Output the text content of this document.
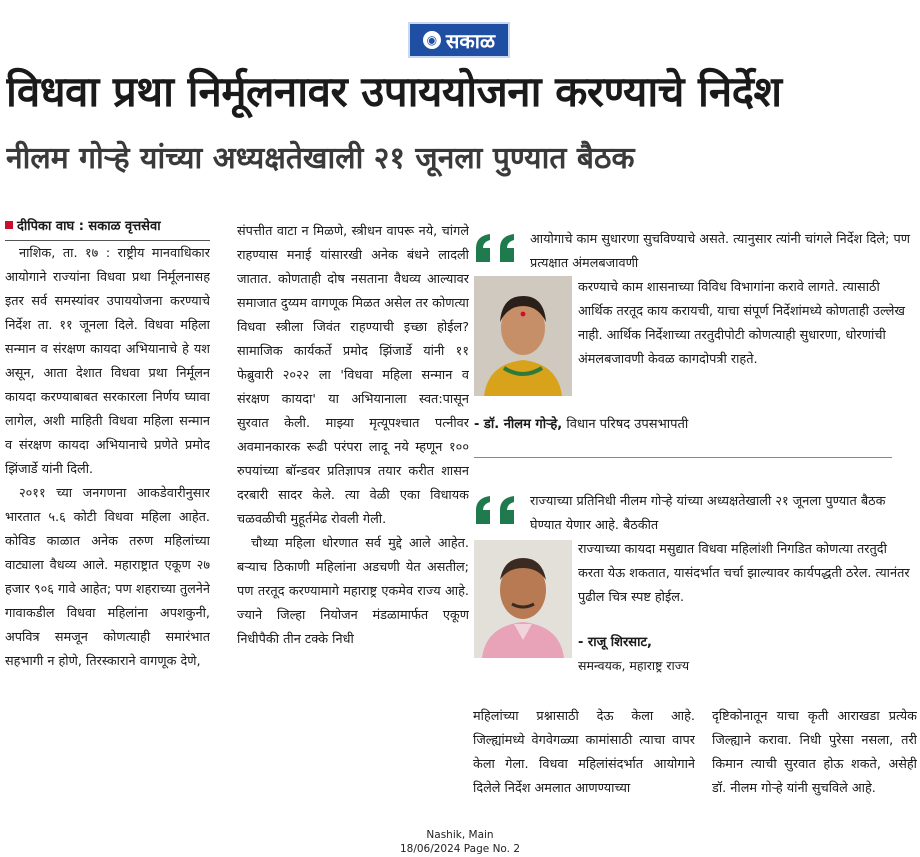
◉ सकाळ
विधवा प्रथा निर्मूलनावर उपाययोजना करण्याचे निर्देश
नीलम गोऱ्हे यांच्या अध्यक्षतेखाली २१ जूनला पुण्यात बैठक
दीपिका वाघ : सकाळ वृत्तसेवा

नाशिक, ता. १७ : राष्ट्रीय मानवाधिकार आयोगाने राज्यांना विधवा प्रथा निर्मूलनासह इतर सर्व समस्यांवर उपाययोजना करण्याचे निर्देश ता. ११ जूनला दिले. विधवा महिला सन्मान व संरक्षण कायदा अभियानाचे हे यश असून, आता देशात विधवा प्रथा निर्मूलन कायदा करण्याबाबत सरकारला निर्णय घ्यावा लागेल, अशी माहिती विधवा महिला सन्मान व संरक्षण कायदा अभियानाचे प्रणेते प्रमोद झिंजार्डे यांनी दिली.

२०११ च्या जनगणना आकडेवारीनुसार भारतात ५.६ कोटी विधवा महिला आहेत. कोविड काळात अनेक तरुण महिलांच्या वाट्याला वैधव्य आले. महाराष्ट्रात एकूण २७ हजार ९०६ गावे आहेत; पण शहराच्या तुलनेने गावाकडील विधवा महिलांना अपशकुनी, अपवित्र समजून कोणत्याही समारंभात सहभागी न होणे, तिरस्काराने वागणूक देणे,

संपत्तीत वाटा न मिळणे, स्त्रीधन वापरू नये, चांगले राहण्यास मनाई यांसारखी अनेक बंधने लादली जातात. कोणताही दोष नसताना वैधव्य आल्यावर समाजात दुय्यम वागणूक मिळत असेल तर कोणत्या विधवा स्त्रीला जिवंत राहण्याची इच्छा होईल? सामाजिक कार्यकर्ते प्रमोद झिंजार्डे यांनी ११ फेब्रुवारी २०२२ ला 'विधवा महिला सन्मान व संरक्षण कायदा' या अभियानाला स्वत:पासून सुरवात केली. माझ्या मृत्यूपश्चात पत्नीवर अवमानकारक रूढी परंपरा लादू नये म्हणून १०० रुपयांच्या बॉन्डवर प्रतिज्ञापत्र तयार करीत शासन दरबारी सादर केले. त्या वेळी एका विधायक चळवळीची मुहूर्तमेढ रोवली गेली.

चौथ्या महिला धोरणात सर्व मुद्दे आले आहेत. बऱ्याच ठिकाणी महिलांना अडचणी येत असतील; पण तरतूद करण्यामागे महाराष्ट्र एकमेव राज्य आहे. ज्याने जिल्हा नियोजन मंडळामार्फत एकूण निधीपैकी तीन टक्के निधी

आयोगाचे काम सुधारणा सुचविण्याचे असते. त्यानुसार त्यांनी चांगले निर्देश दिले; पण प्रत्यक्षात अंमलबजावणी

करण्याचे काम शासनाच्या विविध विभागांना करावे लागते. त्यासाठी आर्थिक तरतूद काय करायची, याचा संपूर्ण निर्देशांमध्ये कोणताही उल्लेख नाही. आर्थिक निर्देशाच्या तरतुदीपोटी कोणत्याही सुधारणा, धोरणांची अंमलबजावणी केवळ कागदोपत्री राहते.

- डॉ. नीलम गोऱ्हे, विधान परिषद उपसभापती

राज्याच्या प्रतिनिधी नीलम गोऱ्हे यांच्या अध्यक्षतेखाली २१ जूनला पुण्यात बैठक घेण्यात येणार आहे. बैठकीत

राज्याच्या कायदा मसुद्यात विधवा महिलांशी निगडित कोणत्या तरतुदी करता येऊ शकतात, यासंदर्भात चर्चा झाल्यावर कार्यपद्धती ठरेल. त्यानंतर पुढील चित्र स्पष्ट होईल.

- राजू शिरसाट,
समन्वयक, महाराष्ट्र राज्य

महिलांच्या प्रश्नासाठी देऊ केला आहे. जिल्ह्यांमध्ये वेगवेगळ्या कामांसाठी त्याचा वापर केला गेला. विधवा महिलांसंदर्भात आयोगाने दिलेले निर्देश अमलात आणण्याच्या

दृष्टिकोनातून याचा कृती आराखडा प्रत्येक जिल्ह्याने करावा. निधी पुरेसा नसला, तरी किमान त्याची सुरवात होऊ शकते, असेही डॉ. नीलम गोऱ्हे यांनी सुचविले आहे.

Nashik, Main
18/06/2024 Page No. 2
